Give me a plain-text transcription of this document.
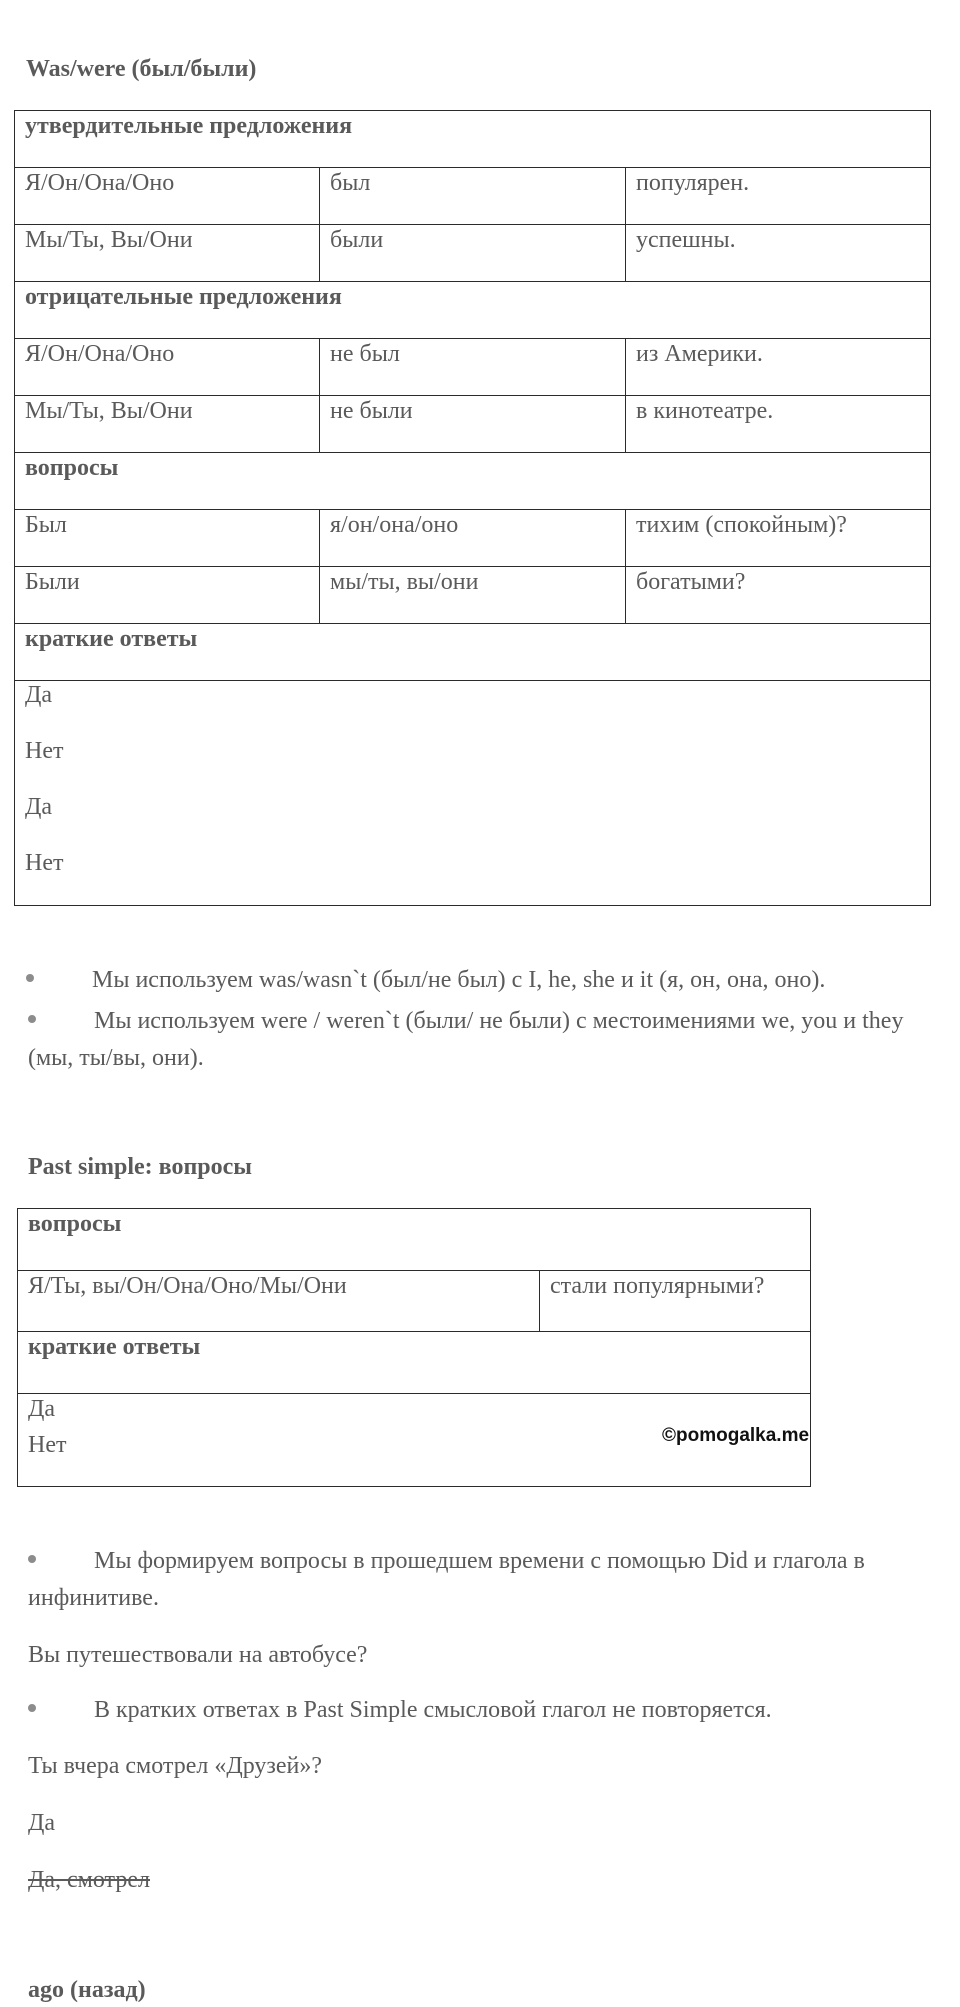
Was/were (был/были)
утвердительные предложения		
Я/Он/Она/Оно	был	популярен.
Мы/Ты, Вы/Они	были	успешны.
отрицательные предложения		
Я/Он/Она/Оно	не был	из Америки.
Мы/Ты, Вы/Они	не были	в кинотеатре.
вопросы		
Был	я/он/она/оно	тихим (спокойным)?
Были	мы/ты, вы/они	богатыми?
краткие ответы		

Да
Нет
Да
Нет		

Мы используем was/wasn`t (был/не был) с I, he, she и it (я, он, она, оно).

Мы используем were / weren`t (были/ не были) с местоимениями we, you и they (мы, ты/вы, они).

Past simple: вопросы
вопросы
Я/Ты, вы/Он/Она/Оно/Мы/Они	стали популярными?
краткие ответы

Да
Нет	©pomogalka.me

Мы формируем вопросы в прошедшем времени с помощью Did и глагола в инфинитиве.

Вы путешествовали на автобусе?

В кратких ответах в Past Simple смысловой глагол не повторяется.

Ты вчера смотрел «Друзей»?

Да

Да, смотрел

ago (назад)
